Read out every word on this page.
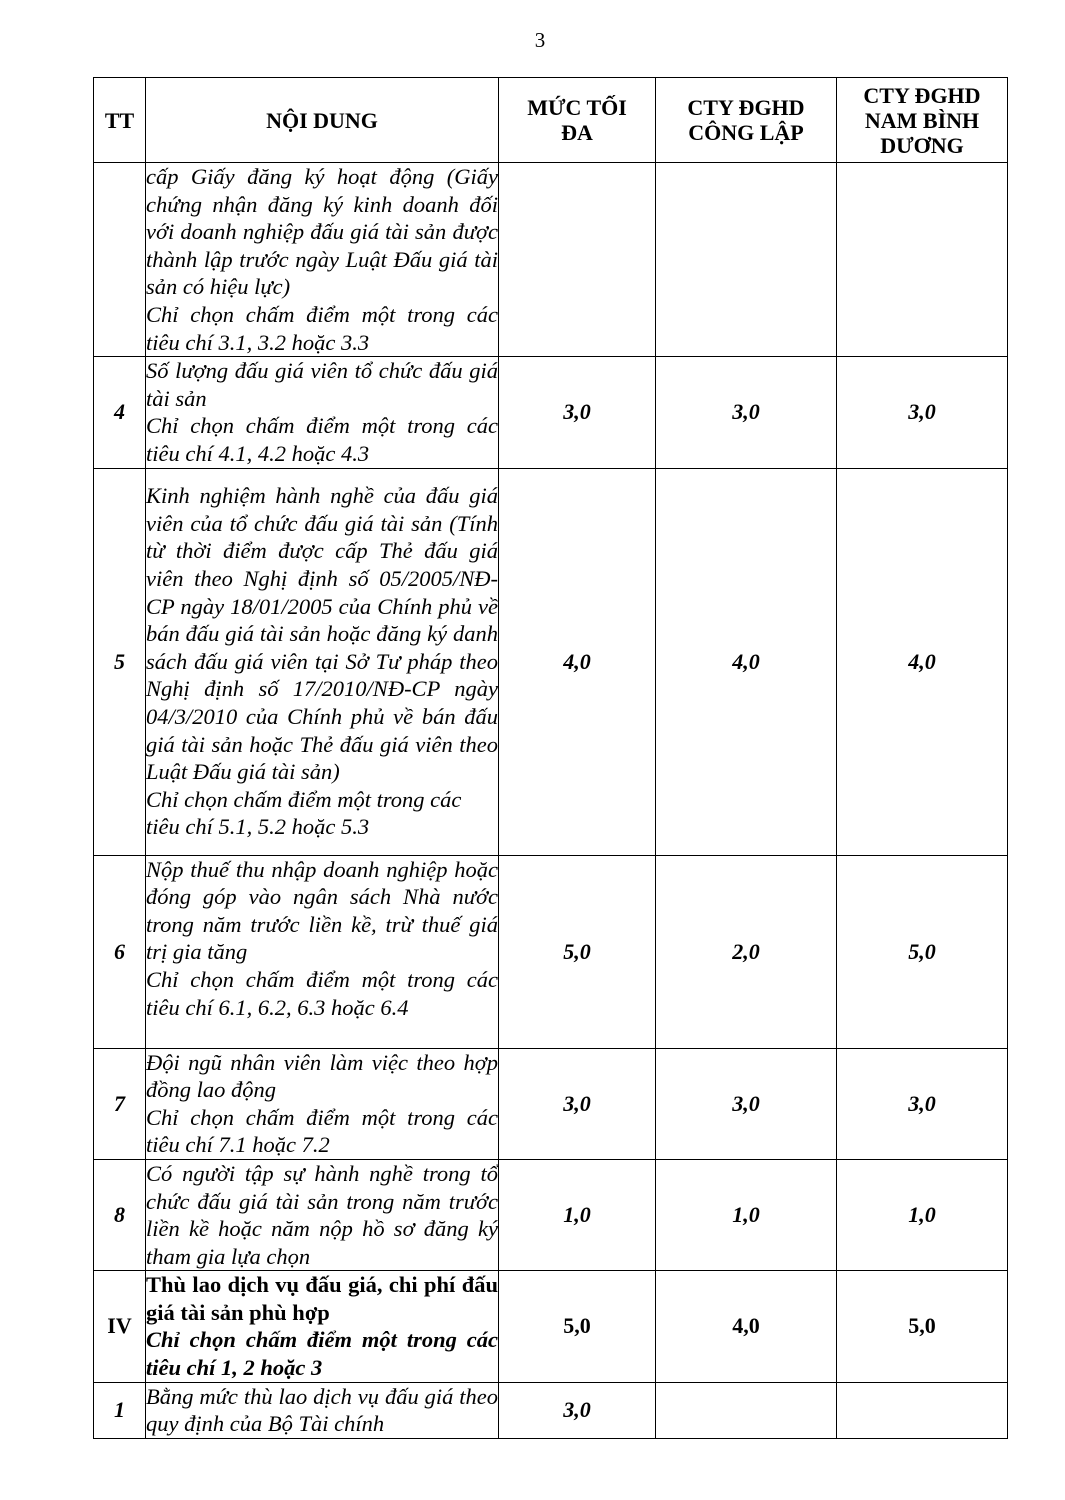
3
TT	NỘI DUNG	MỨC TỐI ĐA	CTY ĐGHD CÔNG LẬP	CTY ĐGHD NAM BÌNH DƯƠNG

	cấp Giấy đăng ký hoạt động (Giấy chứng nhận đăng ký kinh doanh đối với doanh nghiệp đấu giá tài sản được thành lập trước ngày Luật Đấu giá tài sản có hiệu lực)

Chỉ chọn chấm điểm một trong các tiêu chí 3.1, 3.2 hoặc 3.3			

4	Số lượng đấu giá viên tổ chức đấu giá tài sản

Chỉ chọn chấm điểm một trong các tiêu chí 4.1, 4.2 hoặc 4.3	3,0	3,0	3,0
5	Kinh nghiệm hành nghề của đấu giá viên của tổ chức đấu giá tài sản (Tính từ thời điểm được cấp Thẻ đấu giá viên theo Nghị định số 05/2005/NĐ-CP ngày 18/01/2005 của Chính phủ về bán đấu giá tài sản hoặc đăng ký danh sách đấu giá viên tại Sở Tư pháp theo Nghị định số 17/2010/NĐ-CP ngày 04/3/2010 của Chính phủ về bán đấu giá tài sản hoặc Thẻ đấu giá viên theo Luật Đấu giá tài sản)

Chỉ chọn chấm điểm một trong các tiêu chí 5.1, 5.2 hoặc 5.3	4,0	4,0	4,0
6	Nộp thuế thu nhập doanh nghiệp hoặc đóng góp vào ngân sách Nhà nước trong năm trước liền kề, trừ thuế giá trị gia tăng

Chỉ chọn chấm điểm một trong các tiêu chí 6.1, 6.2, 6.3 hoặc 6.4	5,0	2,0	5,0
7	Đội ngũ nhân viên làm việc theo hợp đồng lao động

Chỉ chọn chấm điểm một trong các tiêu chí 7.1 hoặc 7.2	3,0	3,0	3,0
8	Có người tập sự hành nghề trong tổ chức đấu giá tài sản trong năm trước liền kề hoặc năm nộp hồ sơ đăng ký tham gia lựa chọn	1,0	1,0	1,0
IV	Thù lao dịch vụ đấu giá, chi phí đấu giá tài sản phù hợp

Chỉ chọn chấm điểm một trong các tiêu chí 1, 2 hoặc 3	5,0	4,0	5,0
1	Bằng mức thù lao dịch vụ đấu giá theo quy định của Bộ Tài chính	3,0		
